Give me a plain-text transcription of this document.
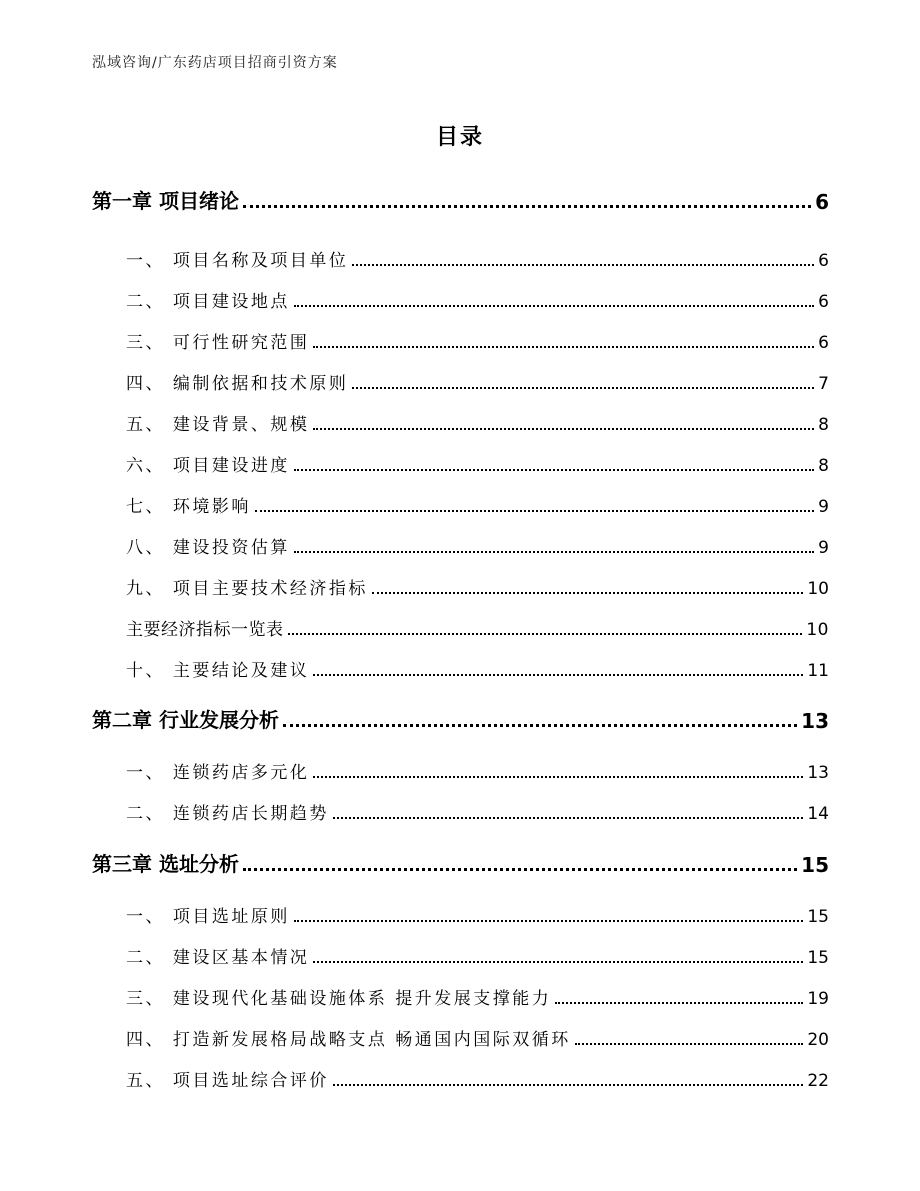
泓域咨询/广东药店项目招商引资方案
目录
第一章 项目绪论	6
一、 项目名称及项目单位	6
二、 项目建设地点	6
三、 可行性研究范围	6
四、 编制依据和技术原则	7
五、 建设背景、规模	8
六、 项目建设进度	8
七、 环境影响	9
八、 建设投资估算	9
九、 项目主要技术经济指标	10
主要经济指标一览表	10
十、 主要结论及建议	11
第二章 行业发展分析	13
一、 连锁药店多元化	13
二、 连锁药店长期趋势	14
第三章 选址分析	15
一、 项目选址原则	15
二、 建设区基本情况	15
三、 建设现代化基础设施体系 提升发展支撑能力	19
四、 打造新发展格局战略支点 畅通国内国际双循环	20
五、 项目选址综合评价	22
